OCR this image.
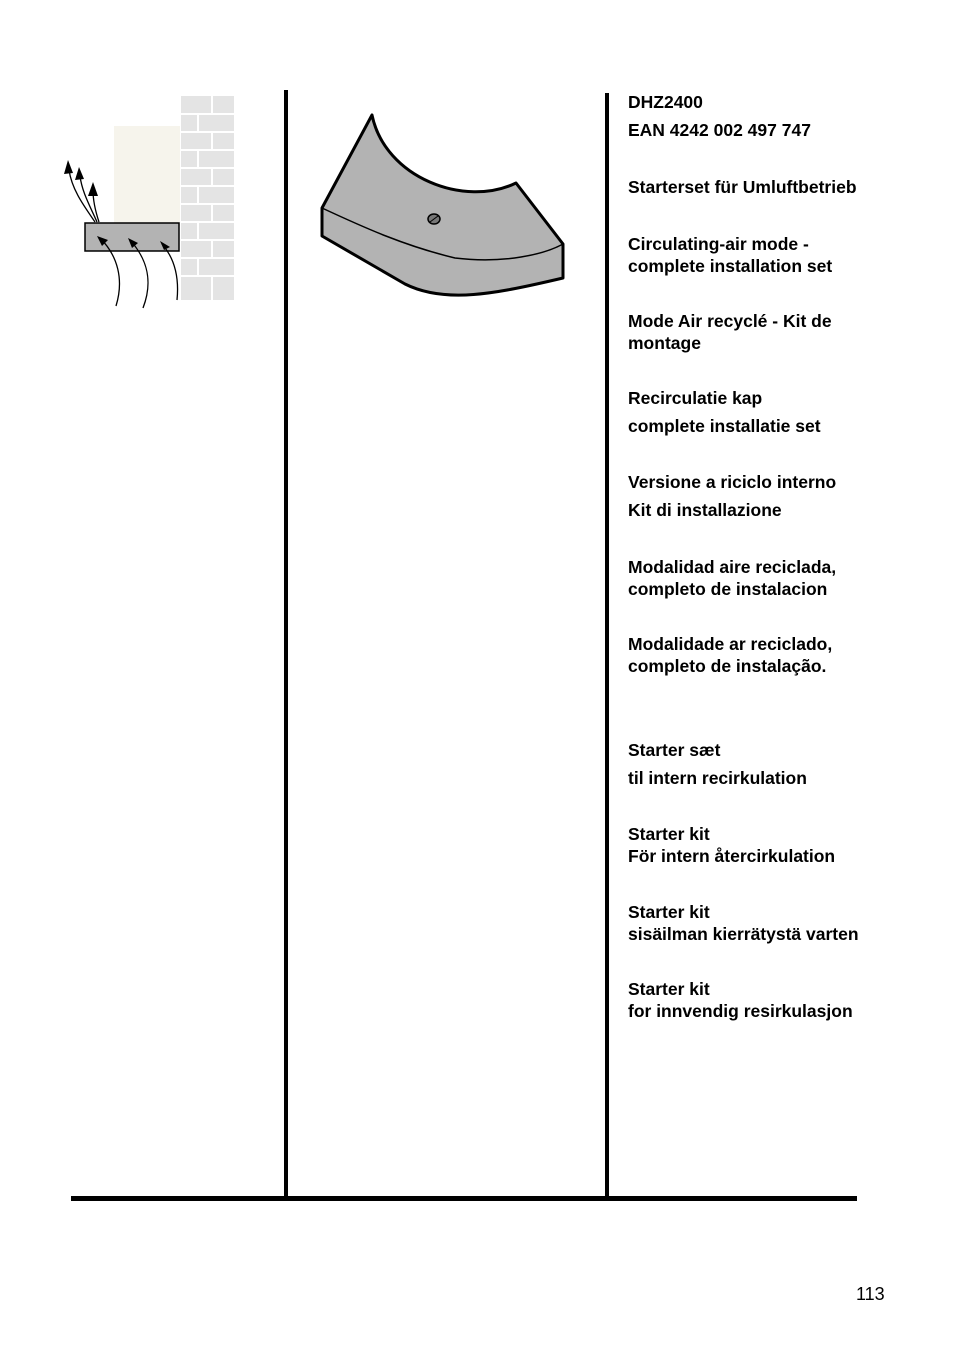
DHZ2400
EAN 4242 002 497 747
Starterset für Umluftbetrieb
Circulating-air mode -
complete installation set
Mode Air recyclé - Kit de
montage
Recirculatie kap
complete installatie set
Versione a riciclo interno
Kit di installazione
Modalidad aire reciclada,
completo de instalacion
Modalidade ar reciclado,
completo de instalação.
Starter sæt
til intern recirkulation
Starter kit
För intern återcirkulation
Starter kit
sisäilman kierrätystä varten
Starter kit
for innvendig resirkulasjon
113
